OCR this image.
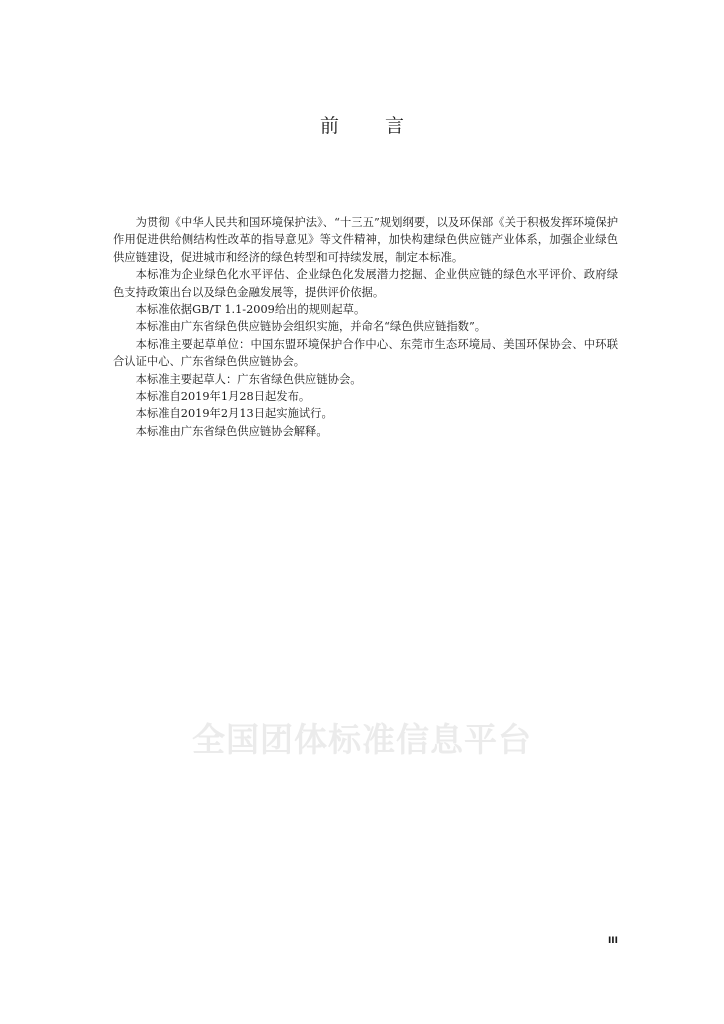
前 言

为贯彻《中华人民共和国环境保护法》、“十三五”规划纲要，以及环保部《关于积极发挥环境保护作用促进供给侧结构性改革的指导意见》等文件精神，加快构建绿色供应链产业体系，加强企业绿色供应链建设，促进城市和经济的绿色转型和可持续发展，制定本标准。

本标准为企业绿色化水平评估、企业绿色化发展潜力挖掘、企业供应链的绿色水平评价、政府绿色支持政策出台以及绿色金融发展等，提供评价依据。

本标准依据GB/T 1.1-2009给出的规则起草。

本标准由广东省绿色供应链协会组织实施，并命名“绿色供应链指数”。

本标准主要起草单位：中国东盟环境保护合作中心、东莞市生态环境局、美国环保协会、中环联合认证中心、广东省绿色供应链协会。

本标准主要起草人：广东省绿色供应链协会。

本标准自2019年1月28日起发布。

本标准自2019年2月13日起实施试行。

本标准由广东省绿色供应链协会解释。

全国团体标准信息平台
III
